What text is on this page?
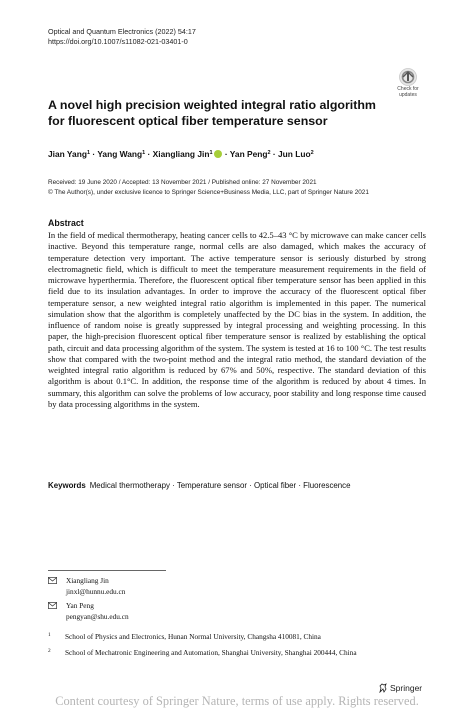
Optical and Quantum Electronics (2022) 54:17
https://doi.org/10.1007/s11082-021-03401-0
Check for
updates
A novel high precision weighted integral ratio algorithm for fluorescent optical fiber temperature sensor
Jian Yang$^1$ · Yang Wang$^1$ · Xiangliang Jin$^1$ · Yan Peng$^2$ · Jun Luo$^2$
Received: 19 June 2020 / Accepted: 13 November 2021 / Published online: 27 November 2021
© The Author(s), under exclusive licence to Springer Science+Business Media, LLC, part of Springer Nature 2021
Abstract
In the field of medical thermotherapy, heating cancer cells to 42.5–43 °C by microwave can make cancer cells inactive. Beyond this temperature range, normal cells are also damaged, which makes the accuracy of temperature detection very important. The active temperature sensor is seriously disturbed by strong electromagnetic field, which is difficult to meet the temperature measurement requirements in the field of microwave hyperthermia. Therefore, the fluorescent optical fiber temperature sensor has been applied in this field due to its insulation advantages. In order to improve the accuracy of the fluorescent optical fiber temperature sensor, a new weighted integral ratio algorithm is implemented in this paper. The numerical simulation show that the algorithm is completely unaffected by the DC bias in the system. In addition, the influence of random noise is greatly suppressed by integral processing and weighting processing. In this paper, the high-precision fluorescent optical fiber temperature sensor is realized by establishing the optical path, circuit and data processing algorithm of the system. The system is tested at 16 to 100 °C. The test results show that compared with the two-point method and the integral ratio method, the standard deviation of the weighted integral ratio algorithm is reduced by 67% and 50%, respective. The standard deviation of this algorithm is about 0.1°C. In addition, the response time of the algorithm is reduced by about 4 times. In summary, this algorithm can solve the problems of low accuracy, poor stability and long response time caused by data processing algorithms in the system.
Keywords Medical thermotherapy · Temperature sensor · Optical fiber · Fluorescence
Xiangliang Jin
jinxl@hunnu.edu.cn
Yan Peng
pengyan@shu.edu.cn
1 School of Physics and Electronics, Hunan Normal University, Changsha 410081, China
2 School of Mechatronic Engineering and Automation, Shanghai University, Shanghai 200444, China
Springer
Content courtesy of Springer Nature, terms of use apply. Rights reserved.
